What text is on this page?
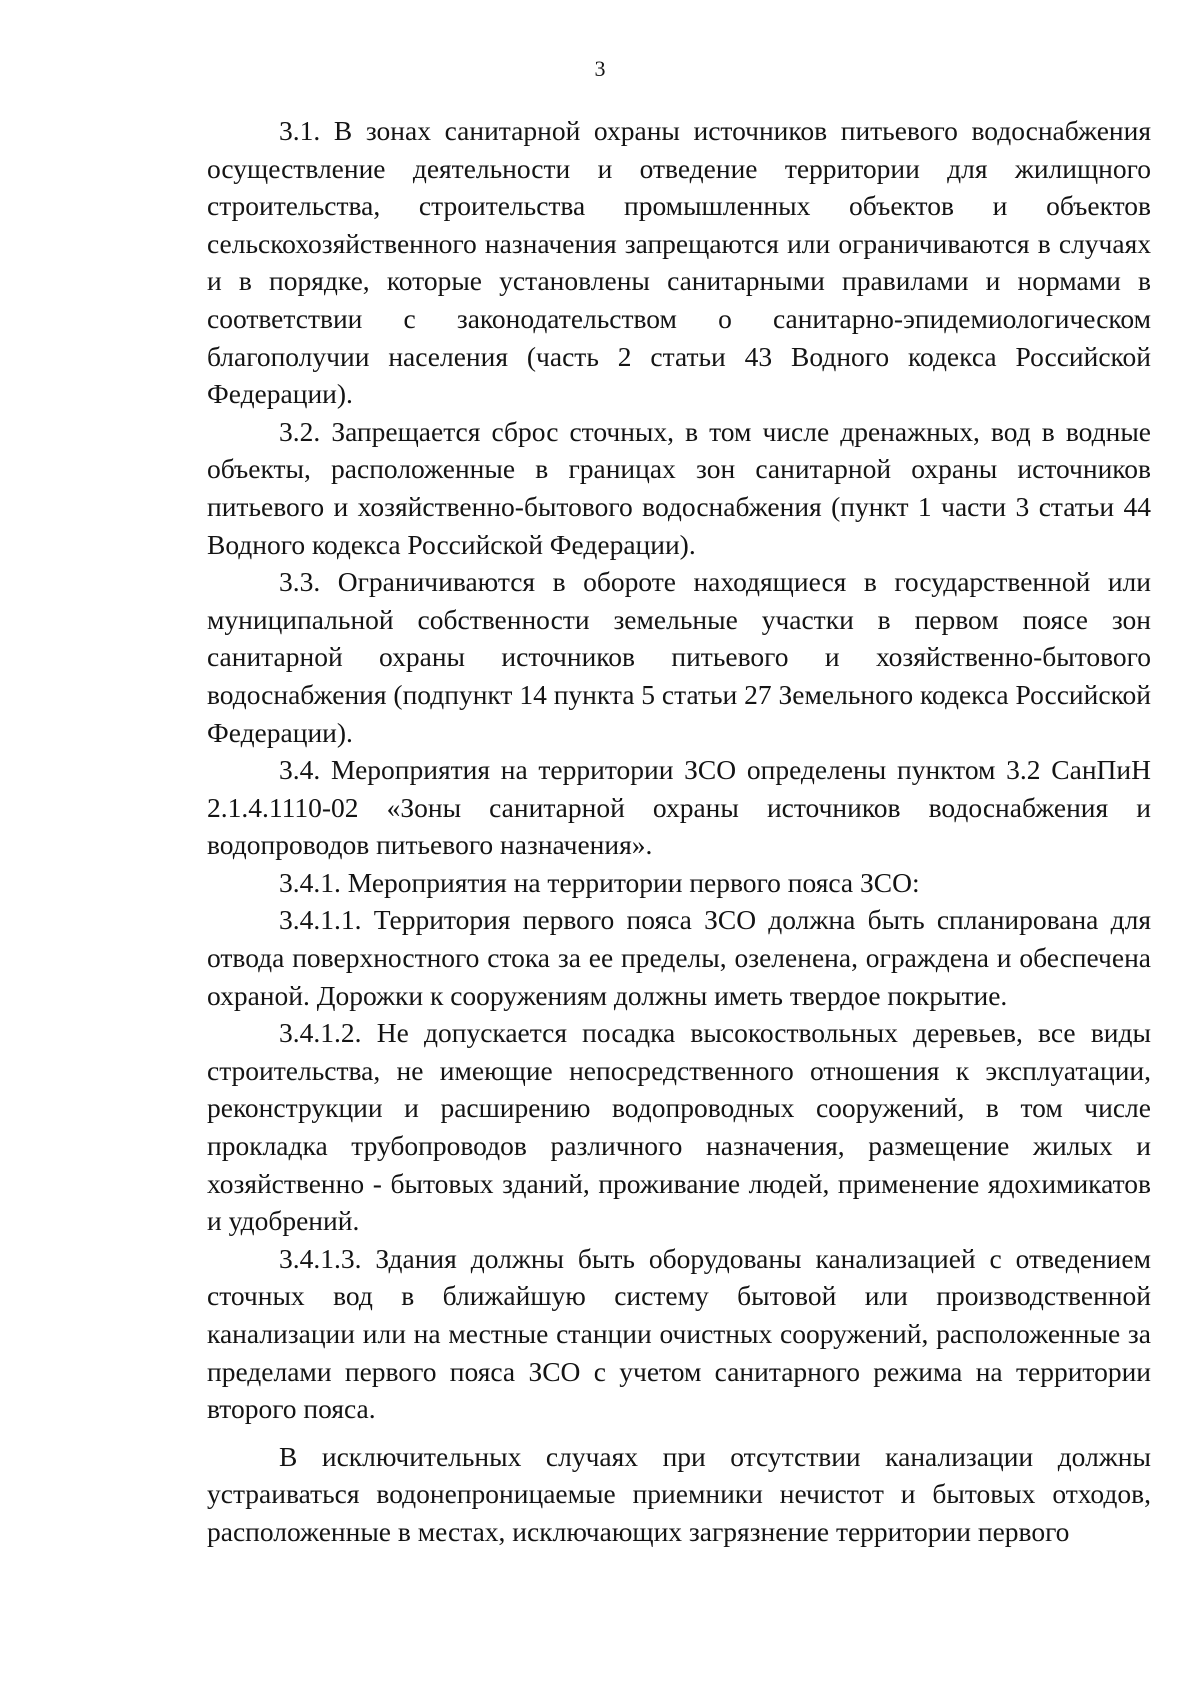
3

3.1. В зонах санитарной охраны источников питьевого водоснабжения осуществление деятельности и отведение территории для жилищного строительства, строительства промышленных объектов и объектов сельскохозяйственного назначения запрещаются или ограничиваются в случаях и в порядке, которые установлены санитарными правилами и нормами в соответствии с законодательством о санитарно-эпидемиологическом благополучии населения (часть 2 статьи 43 Водного кодекса Российской Федерации).

3.2. Запрещается сброс сточных, в том числе дренажных, вод в водные объекты, расположенные в границах зон санитарной охраны источников питьевого и хозяйственно-бытового водоснабжения (пункт 1 части 3 статьи 44 Водного кодекса Российской Федерации).

3.3. Ограничиваются в обороте находящиеся в государственной или муниципальной собственности земельные участки в первом поясе зон санитарной охраны источников питьевого и хозяйственно-бытового водоснабжения (подпункт 14 пункта 5 статьи 27 Земельного кодекса Российской Федерации).

3.4. Мероприятия на территории ЗСО определены пунктом 3.2 СанПиН 2.1.4.1110-02 «Зоны санитарной охраны источников водоснабжения и водопроводов питьевого назначения».

3.4.1. Мероприятия на территории первого пояса ЗСО:

3.4.1.1. Территория первого пояса ЗСО должна быть спланирована для отвода поверхностного стока за ее пределы, озеленена, ограждена и обеспечена охраной. Дорожки к сооружениям должны иметь твердое покрытие.

3.4.1.2. Не допускается посадка высокоствольных деревьев, все виды строительства, не имеющие непосредственного отношения к эксплуатации, реконструкции и расширению водопроводных сооружений, в том числе прокладка трубопроводов различного назначения, размещение жилых и хозяйственно - бытовых зданий, проживание людей, применение ядохимикатов и удобрений.

3.4.1.3. Здания должны быть оборудованы канализацией с отведением сточных вод в ближайшую систему бытовой или производственной канализации или на местные станции очистных сооружений, расположенные за пределами первого пояса ЗСО с учетом санитарного режима на территории второго пояса.

В исключительных случаях при отсутствии канализации должны устраиваться водонепроницаемые приемники нечистот и бытовых отходов, расположенные в местах, исключающих загрязнение территории первого
